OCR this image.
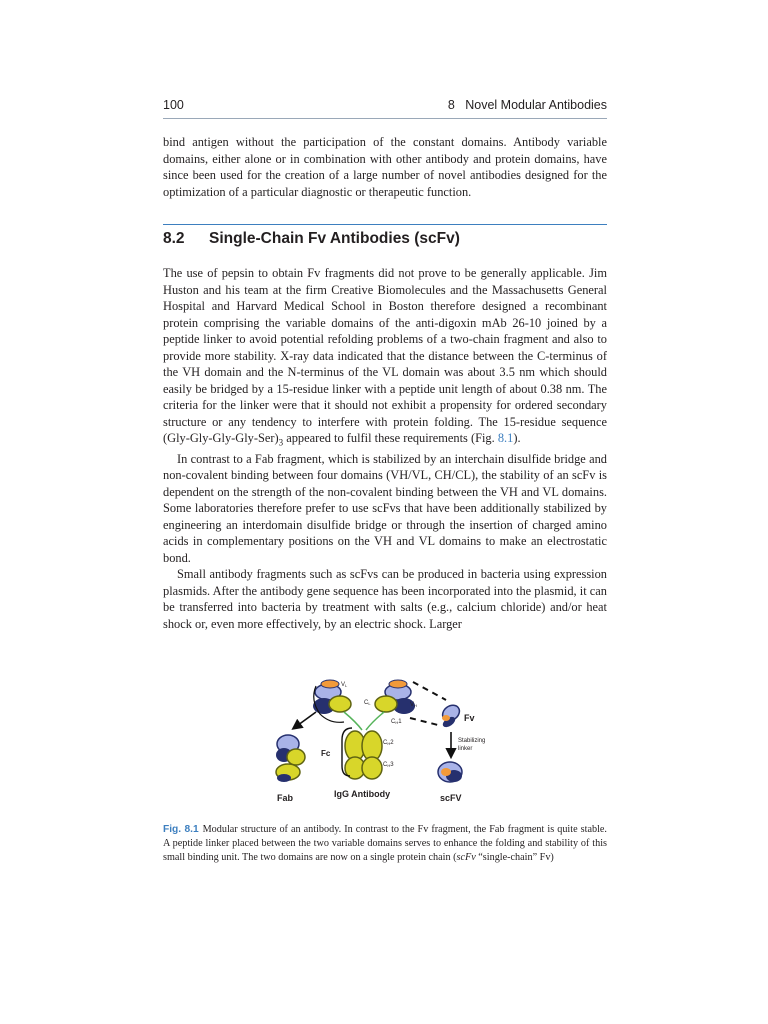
100	8   Novel Modular Antibodies

bind antigen without the participation of the constant domains. Antibody variable domains, either alone or in combination with other antibody and protein domains, have since been used for the creation of a large number of novel antibodies designed for the optimization of a particular diagnostic or therapeutic function.

8.2 Single-Chain Fv Antibodies (scFv)

The use of pepsin to obtain Fv fragments did not prove to be generally applicable. Jim Huston and his team at the firm Creative Biomolecules and the Massachusetts General Hospital and Harvard Medical School in Boston therefore designed a recombinant protein comprising the variable domains of the anti-digoxin mAb 26-10 joined by a peptide linker to avoid potential refolding problems of a two-chain fragment and also to provide more stability. X-ray data indicated that the distance between the C-terminus of the VH domain and the N-terminus of the VL domain was about 3.5 nm which should easily be bridged by a 15-residue linker with a peptide unit length of about 0.38 nm. The criteria for the linker were that it should not exhibit a propensity for ordered secondary structure or any tendency to interfere with protein folding. The 15-residue sequence $(Gly-Gly-Gly-Gly-Ser)_3$ appeared to fulfil these requirements (Fig. 8.1).

In contrast to a Fab fragment, which is stabilized by an interchain disulfide bridge and non-covalent binding between four domains (VH/VL, CH/CL), the stability of an scFv is dependent on the strength of the non-covalent binding between the VH and VL domains. Some laboratories therefore prefer to use scFvs that have been additionally stabilized by engineering an interdomain disulfide bridge or through the insertion of charged amino acids in complementary positions on the VH and VL domains to make an electrostatic bond.

Small antibody fragments such as scFvs can be produced in bacteria using expression plasmids. After the antibody gene sequence has been incorporated into the plasmid, it can be transferred into bacteria by treatment with salts (e.g., calcium chloride) and/or heat shock or, even more effectively, by an electric shock. Larger

VL
CL	VH
CH1
CH2
CH3
Fc
Fv
Stabilizing
linker
Fab	IgG Antibody	scFV
Fig. 8.1 Modular structure of an antibody. In contrast to the Fv fragment, the Fab fragment is quite stable. A peptide linker placed between the two variable domains serves to enhance the folding and stability of this small binding unit. The two domains are now on a single protein chain (scFv “single-chain” Fv)
